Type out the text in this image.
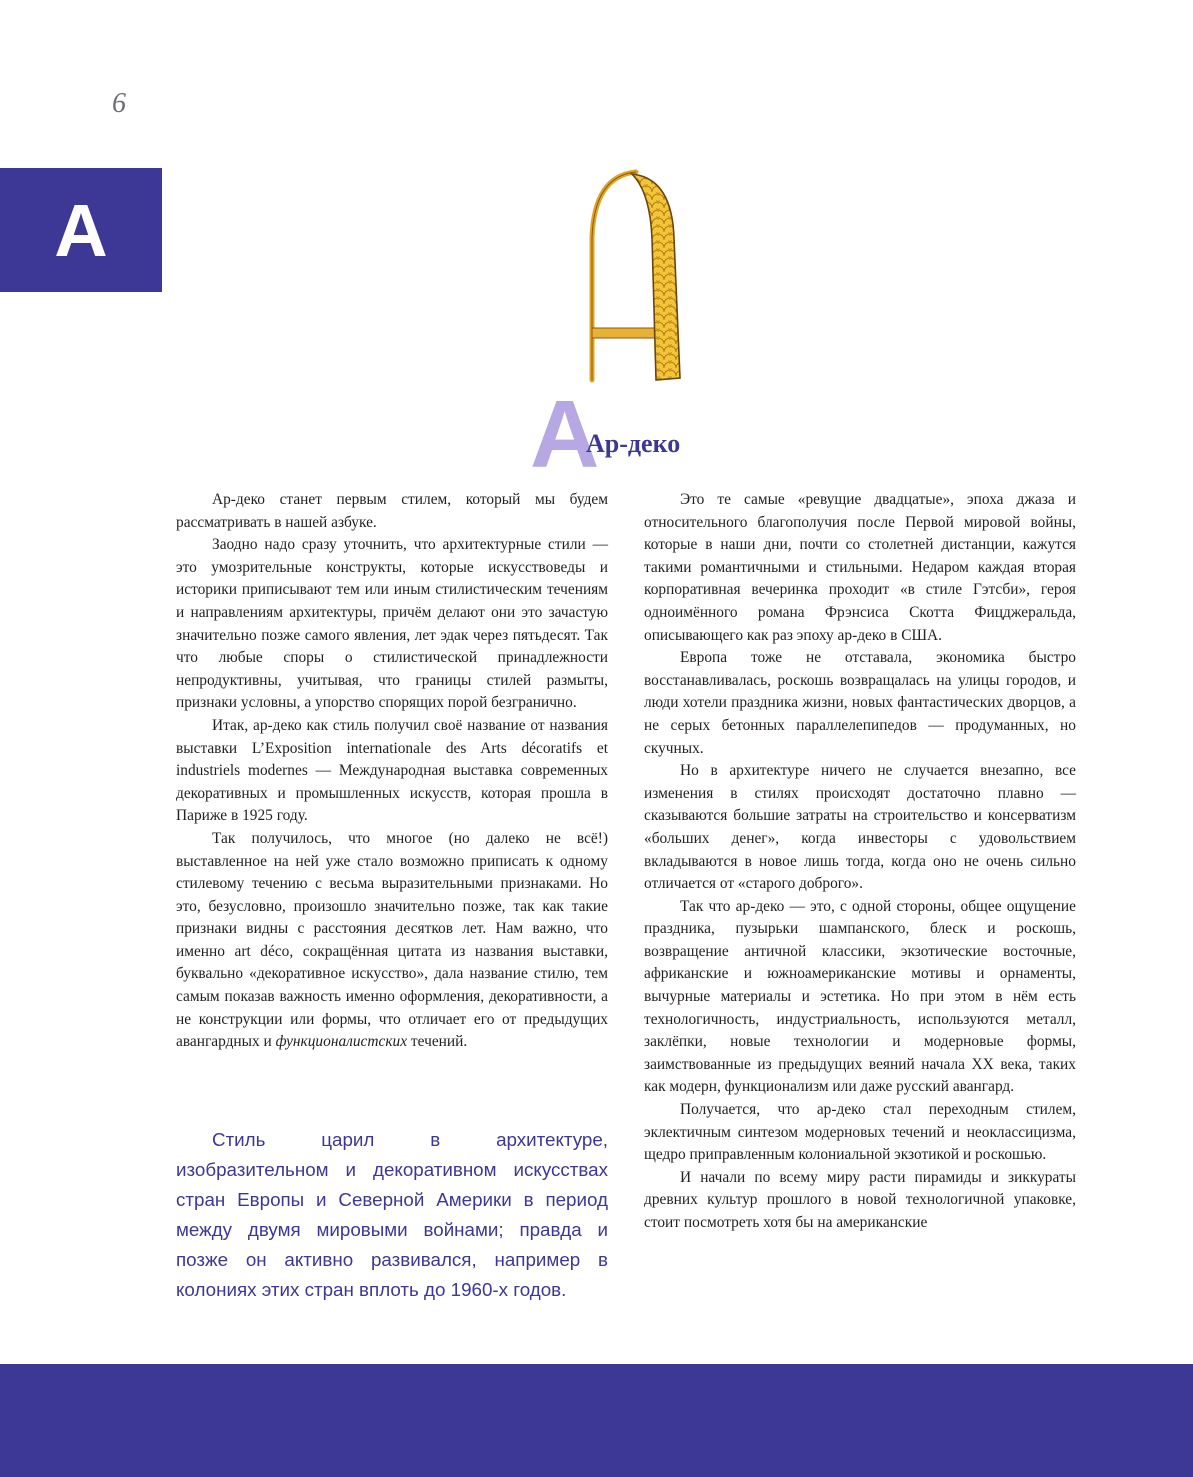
6
А
А
Ар-деко

Ар-деко станет первым стилем, который мы будем рассматривать в нашей азбуке.

Заодно надо сразу уточнить, что архитектурные стили — это умозрительные конструкты, которые искусствоведы и историки приписывают тем или иным стилистическим течениям и направлениям архитектуры, причём делают они это зачастую значительно позже самого явления, лет эдак через пятьдесят. Так что любые споры о стилистической принадлежности непродуктивны, учитывая, что границы стилей размыты, признаки условны, а упорство спорящих порой безгранично.

Итак, ар-деко как стиль получил своё название от названия выставки L’Exposition internationale des Arts décoratifs et industriels modernes — Международная выставка современных декоративных и промышленных искусств, которая прошла в Париже в 1925 году.

Так получилось, что многое (но далеко не всё!) выставленное на ней уже стало возможно приписать к одному стилевому течению с весьма выразительными признаками. Но это, безусловно, произошло значительно позже, так как такие признаки видны с расстояния десятков лет. Нам важно, что именно art déco, сокращённая цитата из названия выставки, буквально «декоративное искусство», дала название стилю, тем самым показав важность именно оформления, декоративности, а не конструкции или формы, что отличает его от предыдущих авангардных и функционалистских течений.

Стиль царил в архитектуре, изобразительном и декоративном искусствах стран Европы и Северной Америки в период между двумя мировыми войнами; правда и позже он активно развивался, например в колониях этих стран вплоть до 1960-х годов.

Это те самые «ревущие двадцатые», эпоха джаза и относительного благополучия после Первой мировой войны, которые в наши дни, почти со столетней дистанции, кажутся такими романтичными и стильными. Недаром каждая вторая корпоративная вечеринка проходит «в стиле Гэтсби», героя одноимённого романа Фрэнсиса Скотта Фицджеральда, описывающего как раз эпоху ар-деко в США.

Европа тоже не отставала, экономика быстро восстанавливалась, роскошь возвращалась на улицы городов, и люди хотели праздника жизни, новых фантастических дворцов, а не серых бетонных параллелепипедов — продуманных, но скучных.

Но в архитектуре ничего не случается внезапно, все изменения в стилях происходят достаточно плавно — сказываются большие затраты на строительство и консерватизм «больших денег», когда инвесторы с удовольствием вкладываются в новое лишь тогда, когда оно не очень сильно отличается от «старого доброго».

Так что ар-деко — это, с одной стороны, общее ощущение праздника, пузырьки шампанского, блеск и роскошь, возвращение античной классики, экзотические восточные, африканские и южноамериканские мотивы и орнаменты, вычурные материалы и эстетика. Но при этом в нём есть технологичность, индустриальность, используются металл, заклёпки, новые технологии и модерновые формы, заимствованные из предыдущих веяний начала XX века, таких как модерн, функционализм или даже русский авангард.

Получается, что ар-деко стал переходным стилем, эклектичным синтезом модерновых течений и неоклассицизма, щедро приправленным колониальной экзотикой и роскошью.

И начали по всему миру расти пирамиды и зиккураты древних культур прошлого в новой технологичной упаковке, стоит посмотреть хотя бы на американские
